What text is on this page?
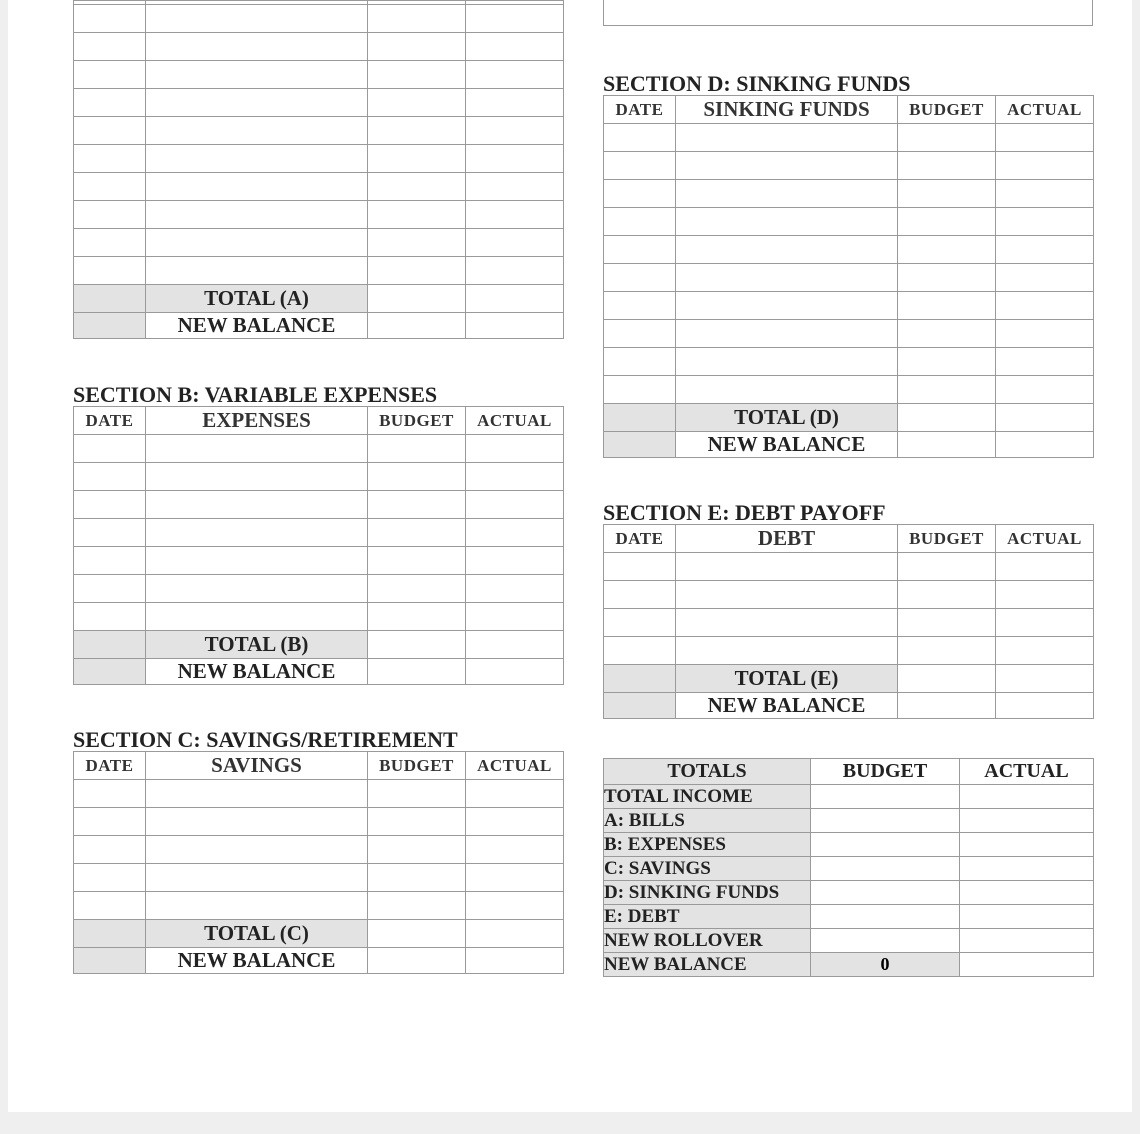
	TOTAL (A)		
	NEW BALANCE		
SECTION B: VARIABLE EXPENSES
DATE	EXPENSES	BUDGET	ACTUAL

	TOTAL (B)		
	NEW BALANCE		
SECTION C: SAVINGS/RETIREMENT
DATE	SAVINGS	BUDGET	ACTUAL

	TOTAL (C)		
	NEW BALANCE		
SECTION D: SINKING FUNDS
DATE	SINKING FUNDS	BUDGET	ACTUAL

	TOTAL (D)		
	NEW BALANCE		
SECTION E: DEBT PAYOFF
DATE	DEBT	BUDGET	ACTUAL

	TOTAL (E)		
	NEW BALANCE		
TOTALS	BUDGET	ACTUAL
TOTAL INCOME		
A: BILLS		
B: EXPENSES		
C: SAVINGS		
D: SINKING FUNDS		
E: DEBT		
NEW ROLLOVER		
NEW BALANCE	0	
